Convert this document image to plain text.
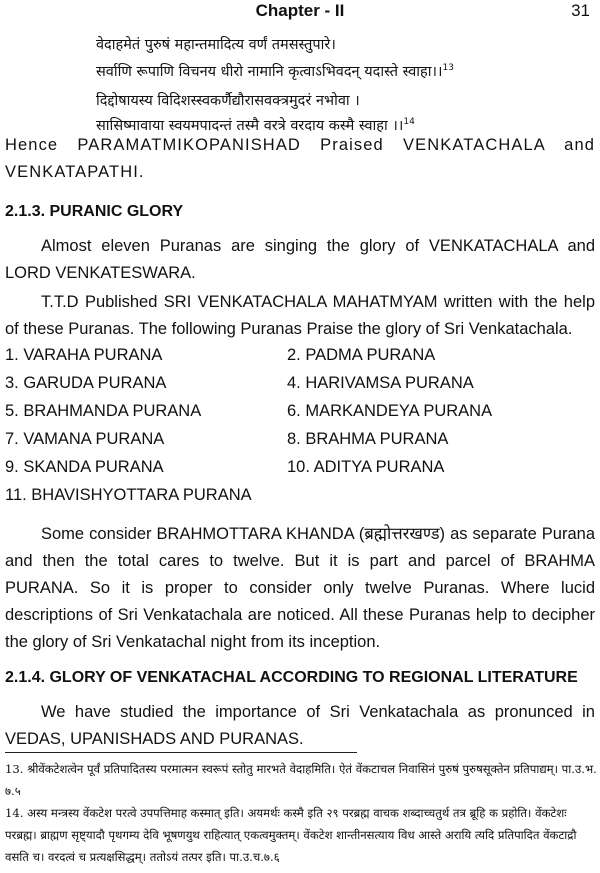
Chapter - II	31
वेदाहमेतं पुरुषं महान्तमादित्य वर्णं तमसस्तुपारे।
सर्वाणि रूपाणि विचनय धीरो नामानि कृत्वाऽभिवदन् यदास्ते स्वाहा।।$^{13}$
दिद्दोषायस्य विदिशस्स्वकर्णैद्यौरासवक्त्रमुदरं नभोवा ।
सासिष्मावाया स्वयमपादन्तं तस्मै वरत्रे वरदाय कस्मै स्वाहा ।।$^{14}$

Hence PARAMATMIKOPANISHAD Praised VENKATACHALA and VENKATAPATHI.

2.1.3. PURANIC GLORY

Almost eleven Puranas are singing the glory of VENKATACHALA and LORD VENKATESWARA.

T.T.D Published SRI VENKATACHALA MAHATMYAM written with the help of these Puranas. The following Puranas Praise the glory of Sri Venkatachala.

1. VARAHA PURANA	2. PADMA PURANA
3. GARUDA PURANA	4. HARIVAMSA PURANA
5. BRAHMANDA PURANA	6. MARKANDEYA PURANA
7. VAMANA PURANA	8. BRAHMA PURANA
9. SKANDA PURANA	10. ADITYA PURANA
11. BHAVISHYOTTARA PURANA

Some consider BRAHMOTTARA KHANDA (ब्रह्मोत्तरखण्ड) as separate Purana and then the total cares to twelve. But it is part and parcel of BRAHMA PURANA. So it is proper to consider only twelve Puranas. Where lucid descriptions of Sri Venkatachala are noticed. All these Puranas help to decipher the glory of Sri Venkatachal night from its inception.

2.1.4. GLORY OF VENKATACHAL ACCORDING TO REGIONAL LITERATURE

We have studied the importance of Sri Venkatachala as pronunced in VEDAS, UPANISHADS AND PURANAS.

13. श्रीवेंकटेशत्वेन पूर्वं प्रतिपादितस्य परमात्मन स्वरूपं स्तोतु मारभते वेदाहमिति। ऐतं वेंकटाचल निवासिनं पुरुषं पुरुषसूक्तेन प्रतिपाद्यम्। पा.उ.भ. ७.५

14. अस्य मन्त्रस्य वेंकटेश परत्वे उपपत्तिमाह कस्मात् इति। अयमर्थः कस्मै इति २९ परब्रह्म वाचक शब्दाच्चतुर्थ तत्र ब्रूहि क प्रहोति। वेंकटेशः परब्रह्म। ब्राह्मण सृष्ट्यादौ पृथगम्य देवि भूषणयुथ राहित्यात् एकत्वमुक्तम्। वेंकटेश शान्तीनसत्याय विध आस्ते अरायि त्यदि प्रतिपादित वेंकटाद्रौ वसति च। वरदत्वं च प्रत्यक्षसिद्धम्। ततोऽयं तत्पर इति। पा.उ.च.७.६
